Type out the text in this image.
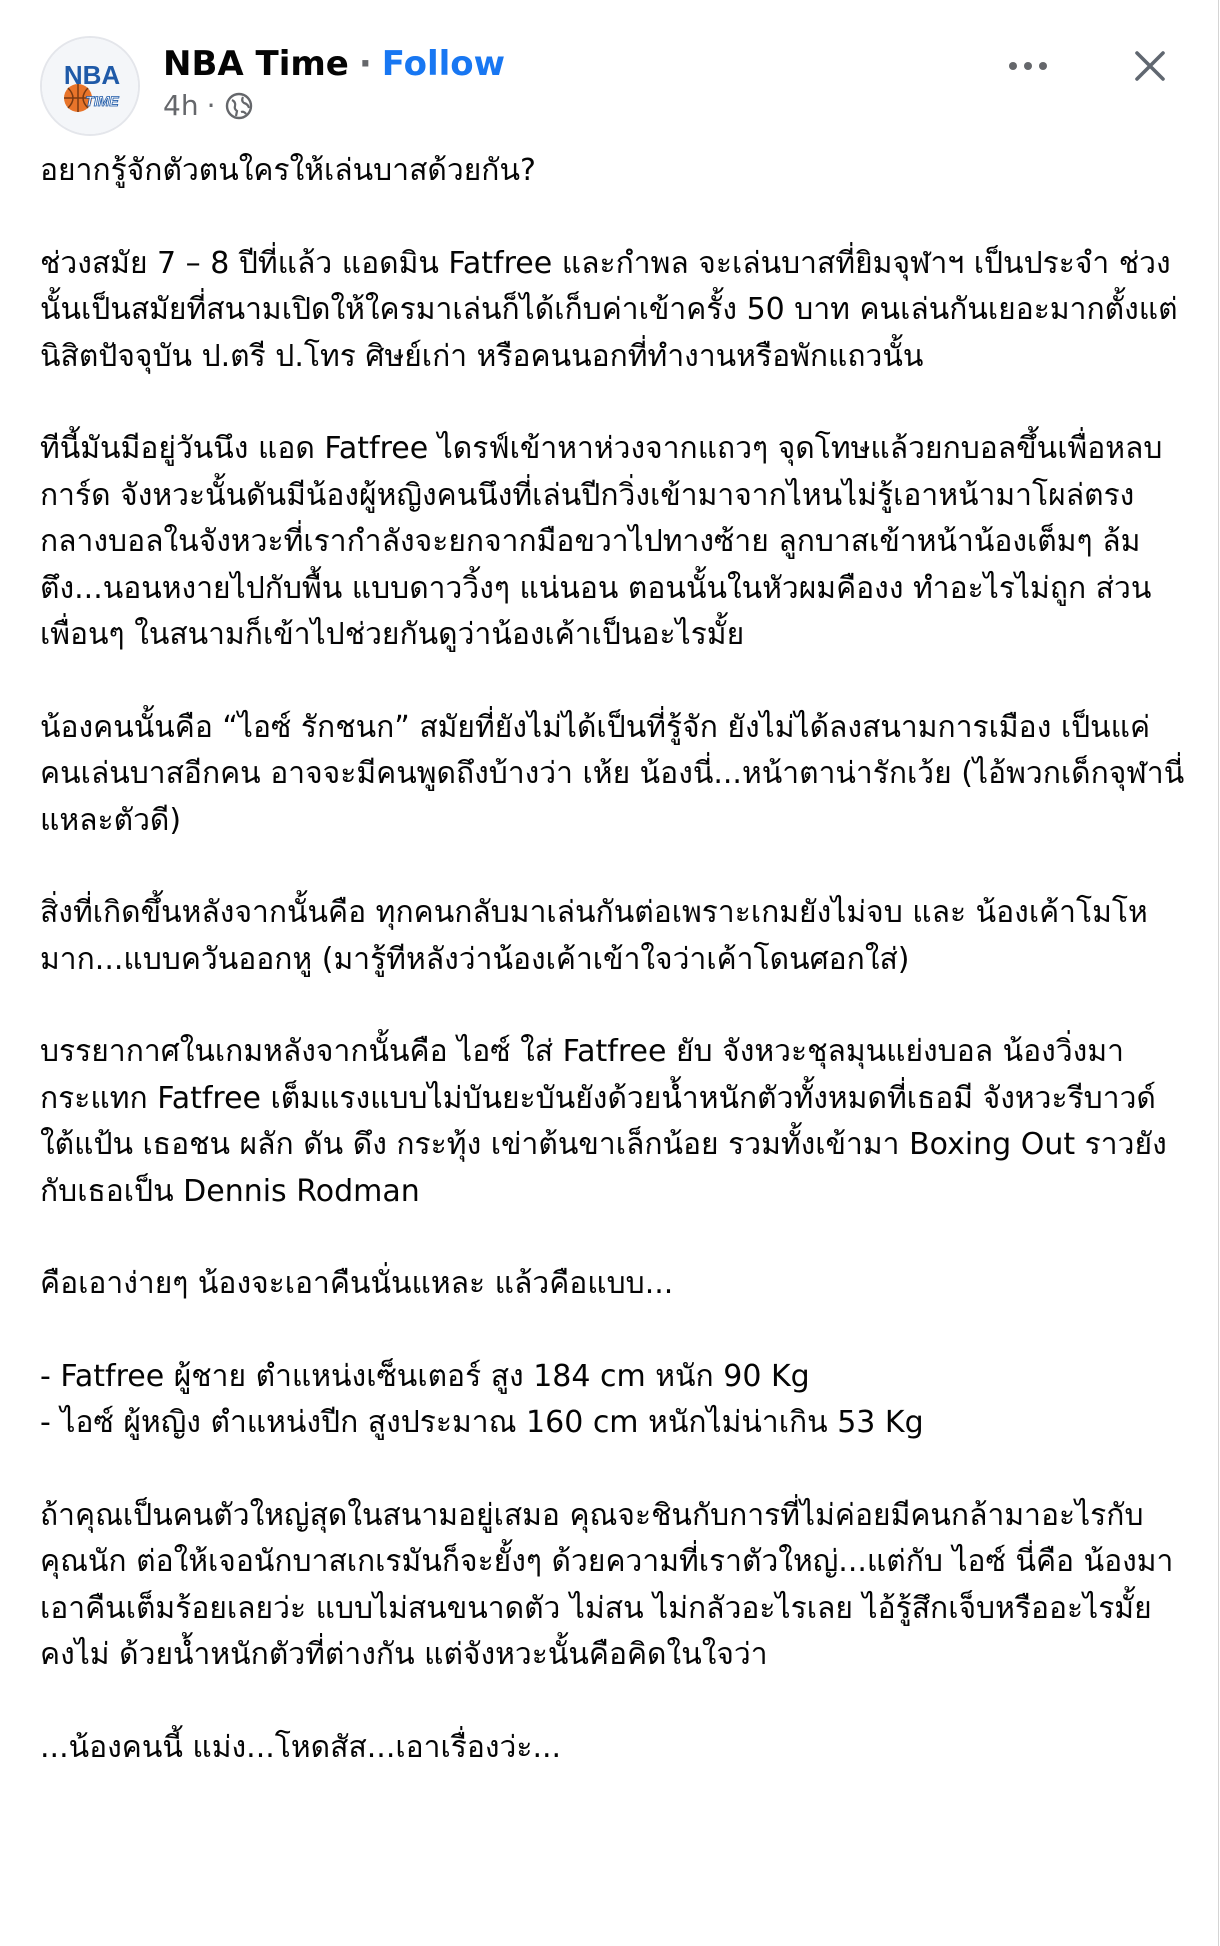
NBA
TIME
NBA Time · Follow
4h ·

อยากรู้จักตัวตนใครให้เล่นบาสด้วยกัน?

ช่วงสมัย 7 – 8 ปีที่แล้ว แอดมิน Fatfree และกำพล จะเล่นบาสที่ยิมจุฬาฯ เป็นประจำ ช่วงนั้นเป็นสมัยที่สนามเปิดให้ใครมาเล่นก็ได้เก็บค่าเข้าครั้ง 50 บาท คนเล่นกันเยอะมากตั้งแต่นิสิตปัจจุบัน ป.ตรี ป.โทร ศิษย์เก่า หรือคนนอกที่ทำงานหรือพักแถวนั้น

ทีนี้มันมีอยู่วันนึง แอด Fatfree ไดรฟ์เข้าหาห่วงจากแถวๆ จุดโทษแล้วยกบอลขึ้นเพื่อหลบการ์ด จังหวะนั้นดันมีน้องผู้หญิงคนนึงที่เล่นปีกวิ่งเข้ามาจากไหนไม่รู้เอาหน้ามาโผล่ตรงกลางบอลในจังหวะที่เรากำลังจะยกจากมือขวาไปทางซ้าย ลูกบาสเข้าหน้าน้องเต็มๆ ล้มตึง...นอนหงายไปกับพื้น แบบดาววิ้งๆ แน่นอน ตอนนั้นในหัวผมคืองง ทำอะไรไม่ถูก ส่วนเพื่อนๆ ในสนามก็เข้าไปช่วยกันดูว่าน้องเค้าเป็นอะไรมั้ย

น้องคนนั้นคือ “ไอซ์ รักชนก” สมัยที่ยังไม่ได้เป็นที่รู้จัก ยังไม่ได้ลงสนามการเมือง เป็นแค่คนเล่นบาสอีกคน อาจจะมีคนพูดถึงบ้างว่า เห้ย น้องนี่...หน้าตาน่ารักเว้ย (ไอ้พวกเด็กจุฬานี่แหละตัวดี)

สิ่งที่เกิดขึ้นหลังจากนั้นคือ ทุกคนกลับมาเล่นกันต่อเพราะเกมยังไม่จบ และ น้องเค้าโมโหมาก...แบบควันออกหู (มารู้ทีหลังว่าน้องเค้าเข้าใจว่าเค้าโดนศอกใส่)

บรรยากาศในเกมหลังจากนั้นคือ ไอซ์ ใส่ Fatfree ยับ จังหวะชุลมุนแย่งบอล น้องวิ่งมากระแทก Fatfree เต็มแรงแบบไม่บันยะบันยังด้วยน้ำหนักตัวทั้งหมดที่เธอมี จังหวะรีบาวด์ใต้แป้น เธอชน ผลัก ดัน ดึง กระทุ้ง เข่าต้นขาเล็กน้อย รวมทั้งเข้ามา Boxing Out ราวยังกับเธอเป็น Dennis Rodman

คือเอาง่ายๆ น้องจะเอาคืนนั่นแหละ แล้วคือแบบ...

- Fatfree ผู้ชาย ตำแหน่งเซ็นเตอร์ สูง 184 cm หนัก 90 Kg
- ไอซ์ ผู้หญิง ตำแหน่งปีก สูงประมาณ 160 cm หนักไม่น่าเกิน 53 Kg

ถ้าคุณเป็นคนตัวใหญ่สุดในสนามอยู่เสมอ คุณจะชินกับการที่ไม่ค่อยมีคนกล้ามาอะไรกับคุณนัก ต่อให้เจอนักบาสเกเรมันก็จะยั้งๆ ด้วยความที่เราตัวใหญ่...แต่กับ ไอซ์ นี่คือ น้องมาเอาคืนเต็มร้อยเลยว่ะ แบบไม่สนขนาดตัว ไม่สน ไม่กลัวอะไรเลย ไอ้รู้สึกเจ็บหรืออะไรมั้ย คงไม่ ด้วยน้ำหนักตัวที่ต่างกัน แต่จังหวะนั้นคือคิดในใจว่า

...น้องคนนี้ แม่ง...โหดสัส...เอาเรื่องว่ะ...
